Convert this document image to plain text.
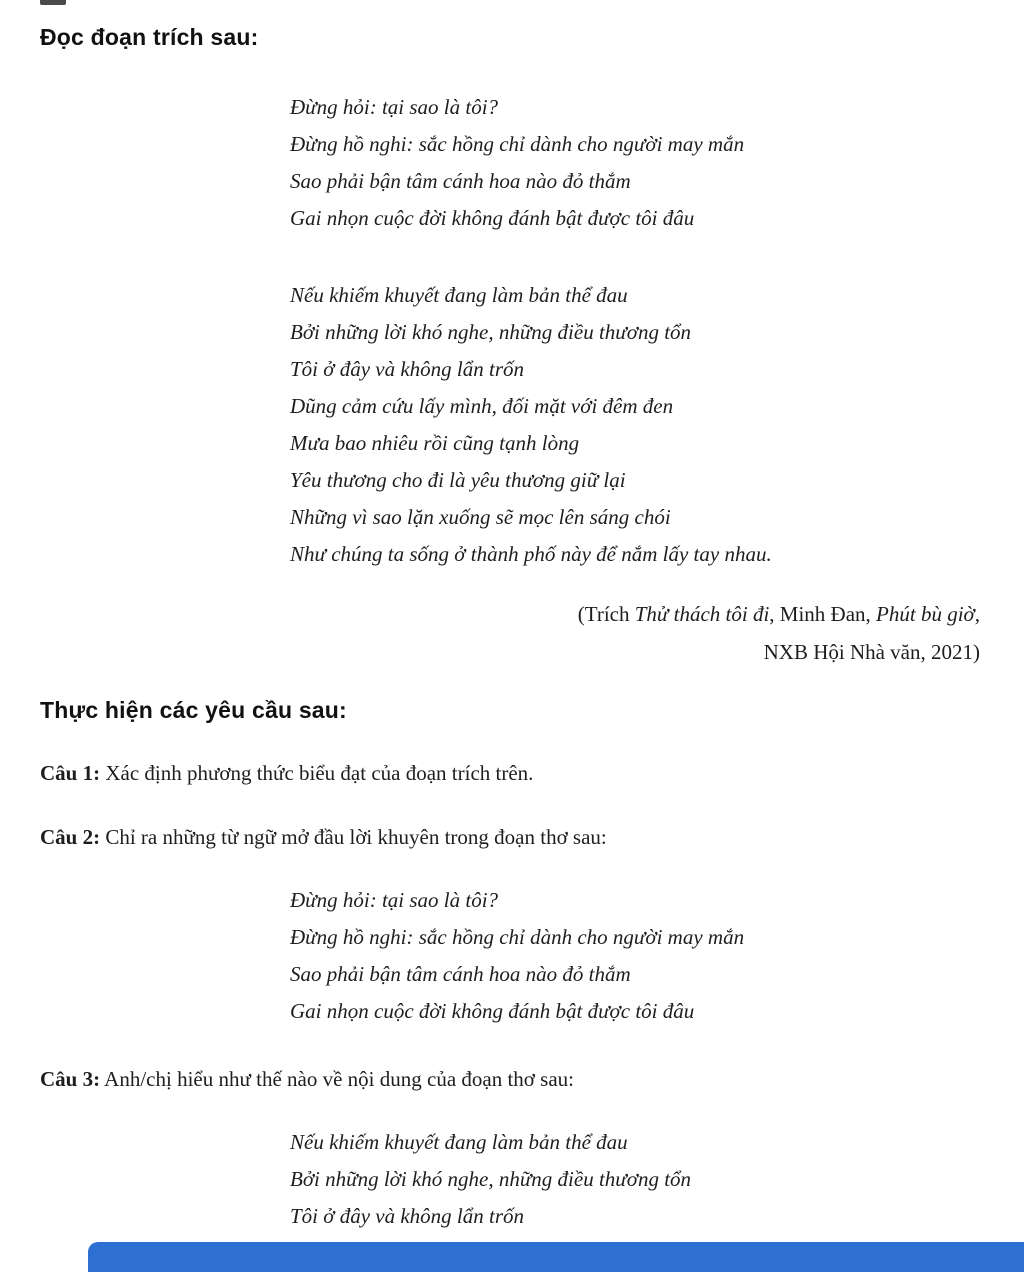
Đọc đoạn trích sau:
Đừng hỏi: tại sao là tôi?
Đừng hồ nghi: sắc hồng chỉ dành cho người may mắn
Sao phải bận tâm cánh hoa nào đỏ thắm
Gai nhọn cuộc đời không đánh bật được tôi đâu
Nếu khiếm khuyết đang làm bản thể đau
Bởi những lời khó nghe, những điều thương tổn
Tôi ở đây và không lẩn trốn
Dũng cảm cứu lấy mình, đối mặt với đêm đen
Mưa bao nhiêu rồi cũng tạnh lòng
Yêu thương cho đi là yêu thương giữ lại
Những vì sao lặn xuống sẽ mọc lên sáng chói
Như chúng ta sống ở thành phố này để nắm lấy tay nhau.
(Trích Thử thách tôi đi, Minh Đan, Phút bù giờ,
NXB Hội Nhà văn, 2021)
Thực hiện các yêu cầu sau:

Câu 1: Xác định phương thức biểu đạt của đoạn trích trên.

Câu 2: Chỉ ra những từ ngữ mở đầu lời khuyên trong đoạn thơ sau:

Đừng hỏi: tại sao là tôi?
Đừng hồ nghi: sắc hồng chỉ dành cho người may mắn
Sao phải bận tâm cánh hoa nào đỏ thắm
Gai nhọn cuộc đời không đánh bật được tôi đâu

Câu 3: Anh/chị hiểu như thế nào về nội dung của đoạn thơ sau:

Nếu khiếm khuyết đang làm bản thể đau
Bởi những lời khó nghe, những điều thương tổn
Tôi ở đây và không lẩn trốn
